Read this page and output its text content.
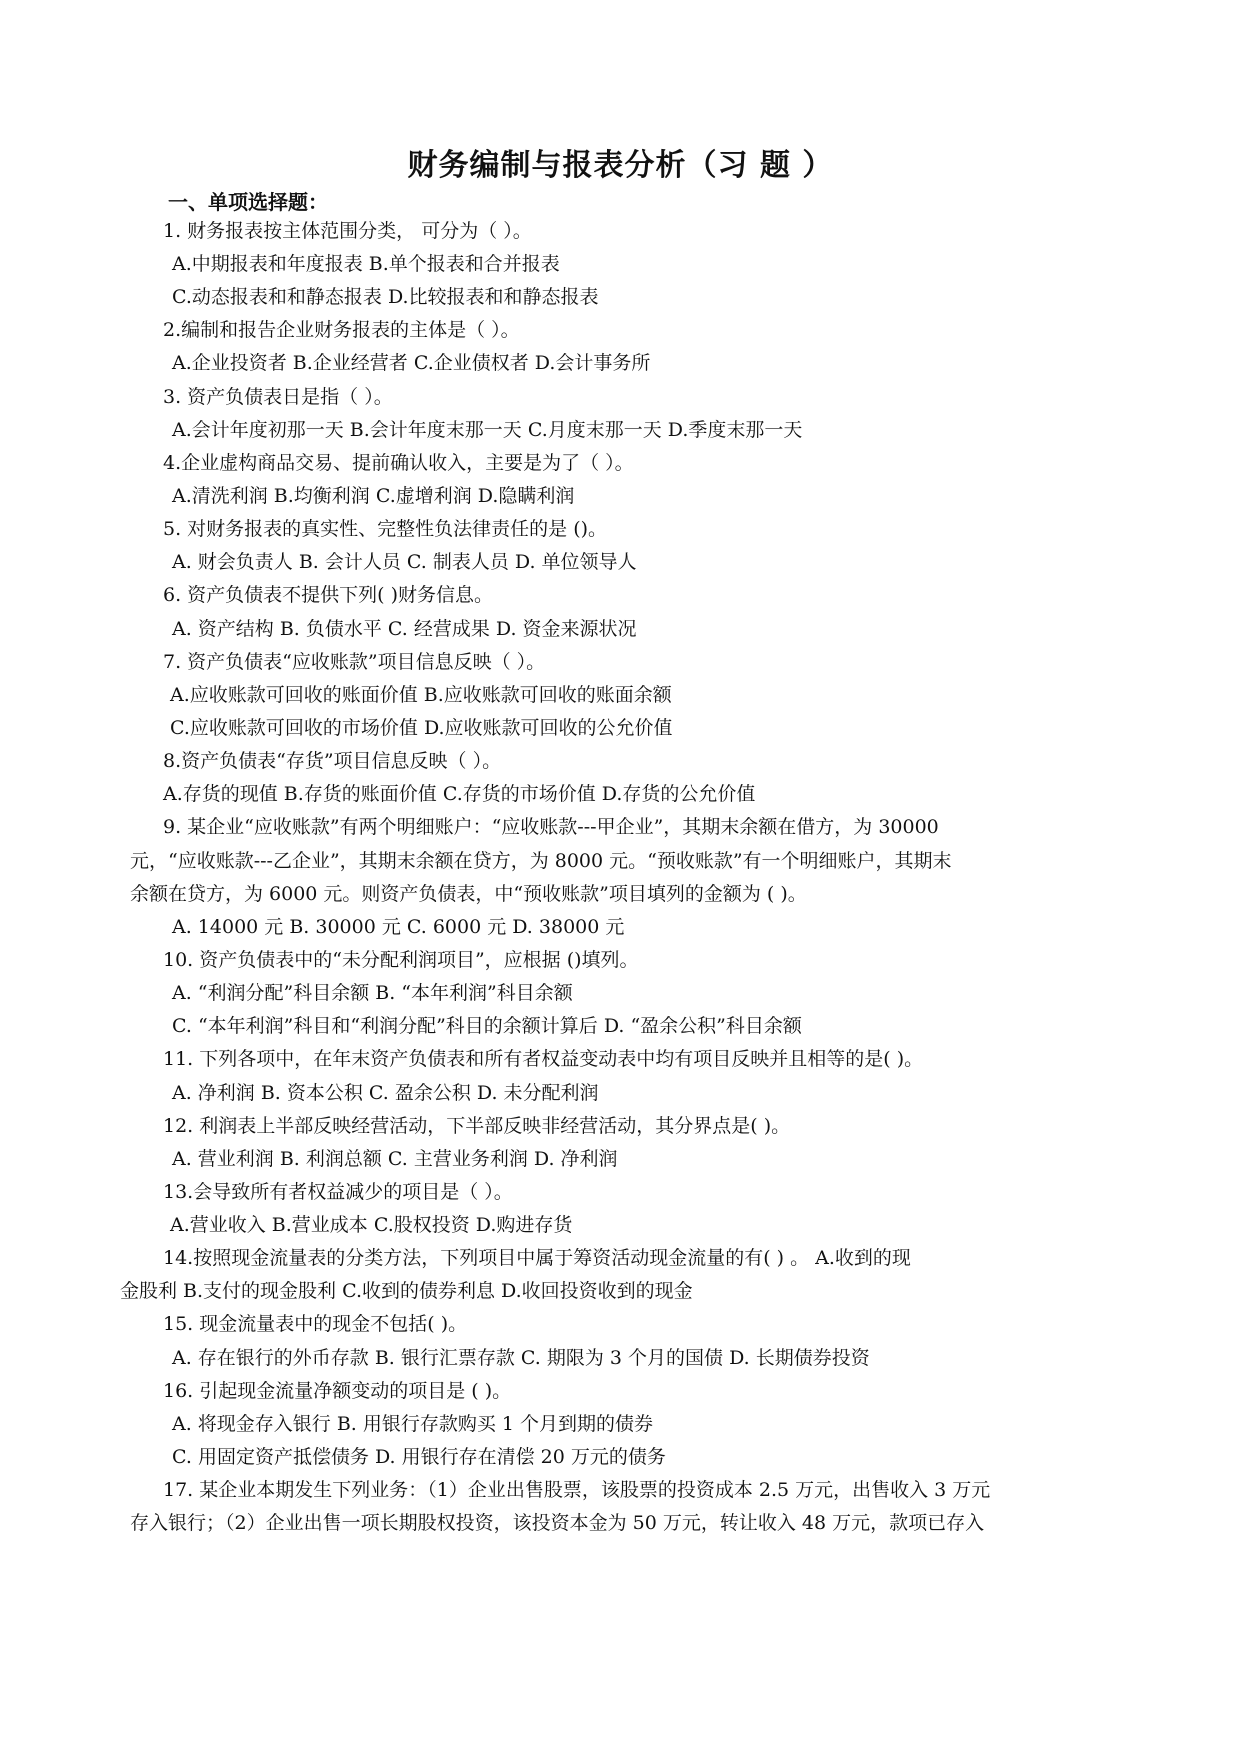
财务编制与报表分析（习 题 ）
一、单项选择题：
1. 财务报表按主体范围分类， 可分为（ ）。
A.中期报表和年度报表 B.单个报表和合并报表
C.动态报表和和静态报表 D.比较报表和和静态报表
2.编制和报告企业财务报表的主体是（ ）。
A.企业投资者 B.企业经营者 C.企业债权者 D.会计事务所
3. 资产负债表日是指（ ）。
A.会计年度初那一天 B.会计年度末那一天 C.月度末那一天 D.季度末那一天
4.企业虚构商品交易、提前确认收入，主要是为了（ ）。
A.清洗利润 B.均衡利润 C.虚增利润 D.隐瞒利润
5. 对财务报表的真实性、完整性负法律责任的是 ()。
A. 财会负责人 B. 会计人员 C. 制表人员 D. 单位领导人
6. 资产负债表不提供下列( )财务信息。
A. 资产结构 B. 负债水平 C. 经营成果 D. 资金来源状况
7. 资产负债表“应收账款”项目信息反映（ ）。
A.应收账款可回收的账面价值 B.应收账款可回收的账面余额
C.应收账款可回收的市场价值 D.应收账款可回收的公允价值
8.资产负债表“存货”项目信息反映（ ）。
A.存货的现值 B.存货的账面价值 C.存货的市场价值 D.存货的公允价值
9. 某企业“应收账款”有两个明细账户：“应收账款---甲企业”，其期末余额在借方，为 30000
元，“应收账款---乙企业”，其期末余额在贷方，为 8000 元。“预收账款”有一个明细账户，其期末
余额在贷方，为 6000 元。则资产负债表，中“预收账款”项目填列的金额为 ( )。
A. 14000 元 B. 30000 元 C. 6000 元 D. 38000 元
10. 资产负债表中的“未分配利润项目”，应根据 ()填列。
A. “利润分配”科目余额 B. “本年利润”科目余额
C. “本年利润”科目和“利润分配”科目的余额计算后 D. “盈余公积”科目余额
11. 下列各项中，在年末资产负债表和所有者权益变动表中均有项目反映并且相等的是( )。
A. 净利润 B. 资本公积 C. 盈余公积 D. 未分配利润
12. 利润表上半部反映经营活动，下半部反映非经营活动，其分界点是( )。
A. 营业利润 B. 利润总额 C. 主营业务利润 D. 净利润
13.会导致所有者权益减少的项目是（ ）。
A.营业收入 B.营业成本 C.股权投资 D.购进存货
14.按照现金流量表的分类方法，下列项目中属于筹资活动现金流量的有( ) 。 A.收到的现
金股利 B.支付的现金股利 C.收到的债券利息 D.收回投资收到的现金
15. 现金流量表中的现金不包括( )。
A. 存在银行的外币存款 B. 银行汇票存款 C. 期限为 3 个月的国债 D. 长期债券投资
16. 引起现金流量净额变动的项目是 ( )。
A. 将现金存入银行 B. 用银行存款购买 1 个月到期的债券
C. 用固定资产抵偿债务 D. 用银行存在清偿 20 万元的债务
17. 某企业本期发生下列业务：（1）企业出售股票，该股票的投资成本 2.5 万元，出售收入 3 万元
存入银行；（2）企业出售一项长期股权投资，该投资本金为 50 万元，转让收入 48 万元，款项已存入
